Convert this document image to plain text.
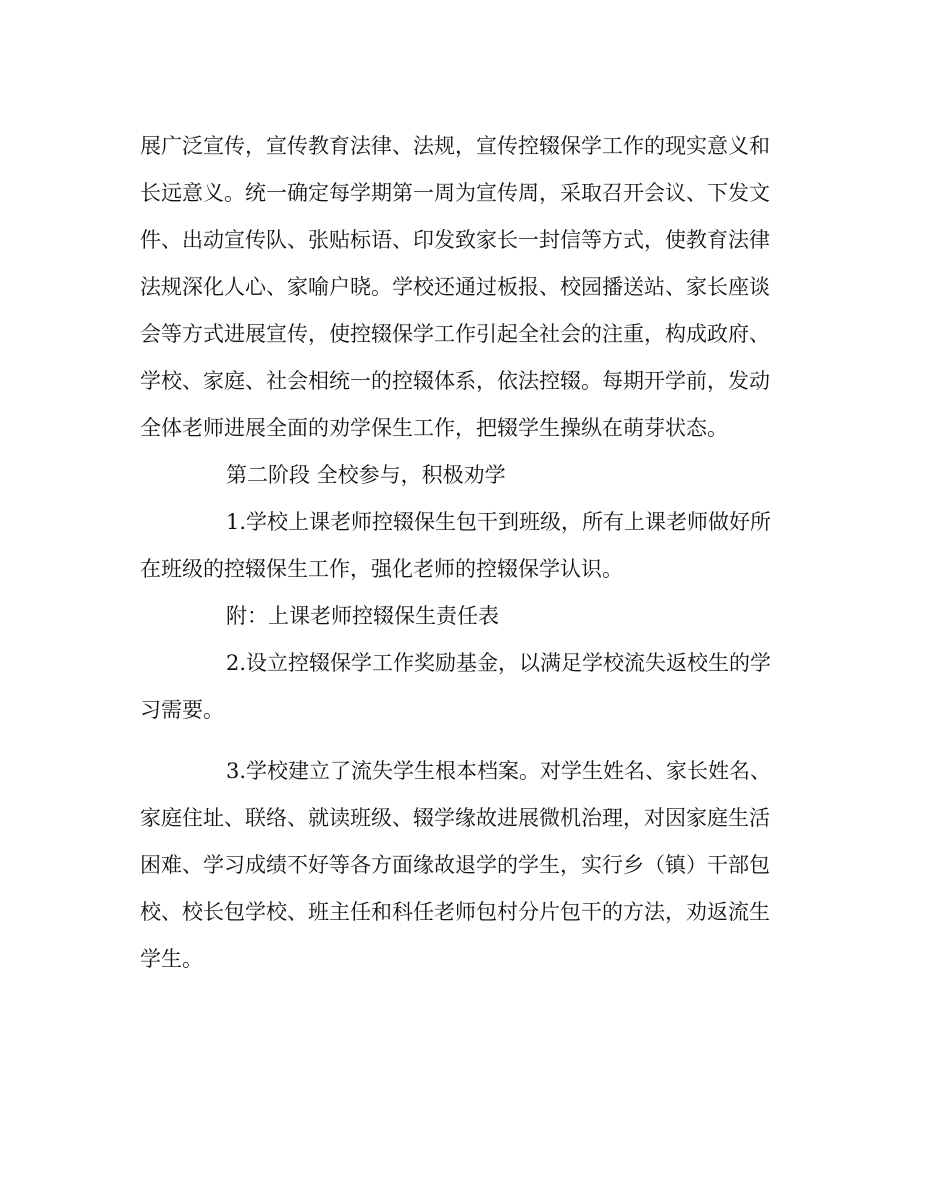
展广泛宣传，宣传教育法律、法规，宣传控辍保学工作的现实意义和
长远意义。统一确定每学期第一周为宣传周，采取召开会议、下发文
件、出动宣传队、张贴标语、印发致家长一封信等方式，使教育法律
法规深化人心、家喻户晓。学校还通过板报、校园播送站、家长座谈
会等方式进展宣传，使控辍保学工作引起全社会的注重，构成政府、
学校、家庭、社会相统一的控辍体系，依法控辍。每期开学前，发动
全体老师进展全面的劝学保生工作，把辍学生操纵在萌芽状态。
第二阶段 全校参与，积极劝学
1.学校上课老师控辍保生包干到班级，所有上课老师做好所
在班级的控辍保生工作，强化老师的控辍保学认识。
附：上课老师控辍保生责任表
2.设立控辍保学工作奖励基金，以满足学校流失返校生的学
习需要。
3.学校建立了流失学生根本档案。对学生姓名、家长姓名、
家庭住址、联络、就读班级、辍学缘故进展微机治理，对因家庭生活
困难、学习成绩不好等各方面缘故退学的学生，实行乡（镇）干部包
校、校长包学校、班主任和科任老师包村分片包干的方法，劝返流生
学生。
